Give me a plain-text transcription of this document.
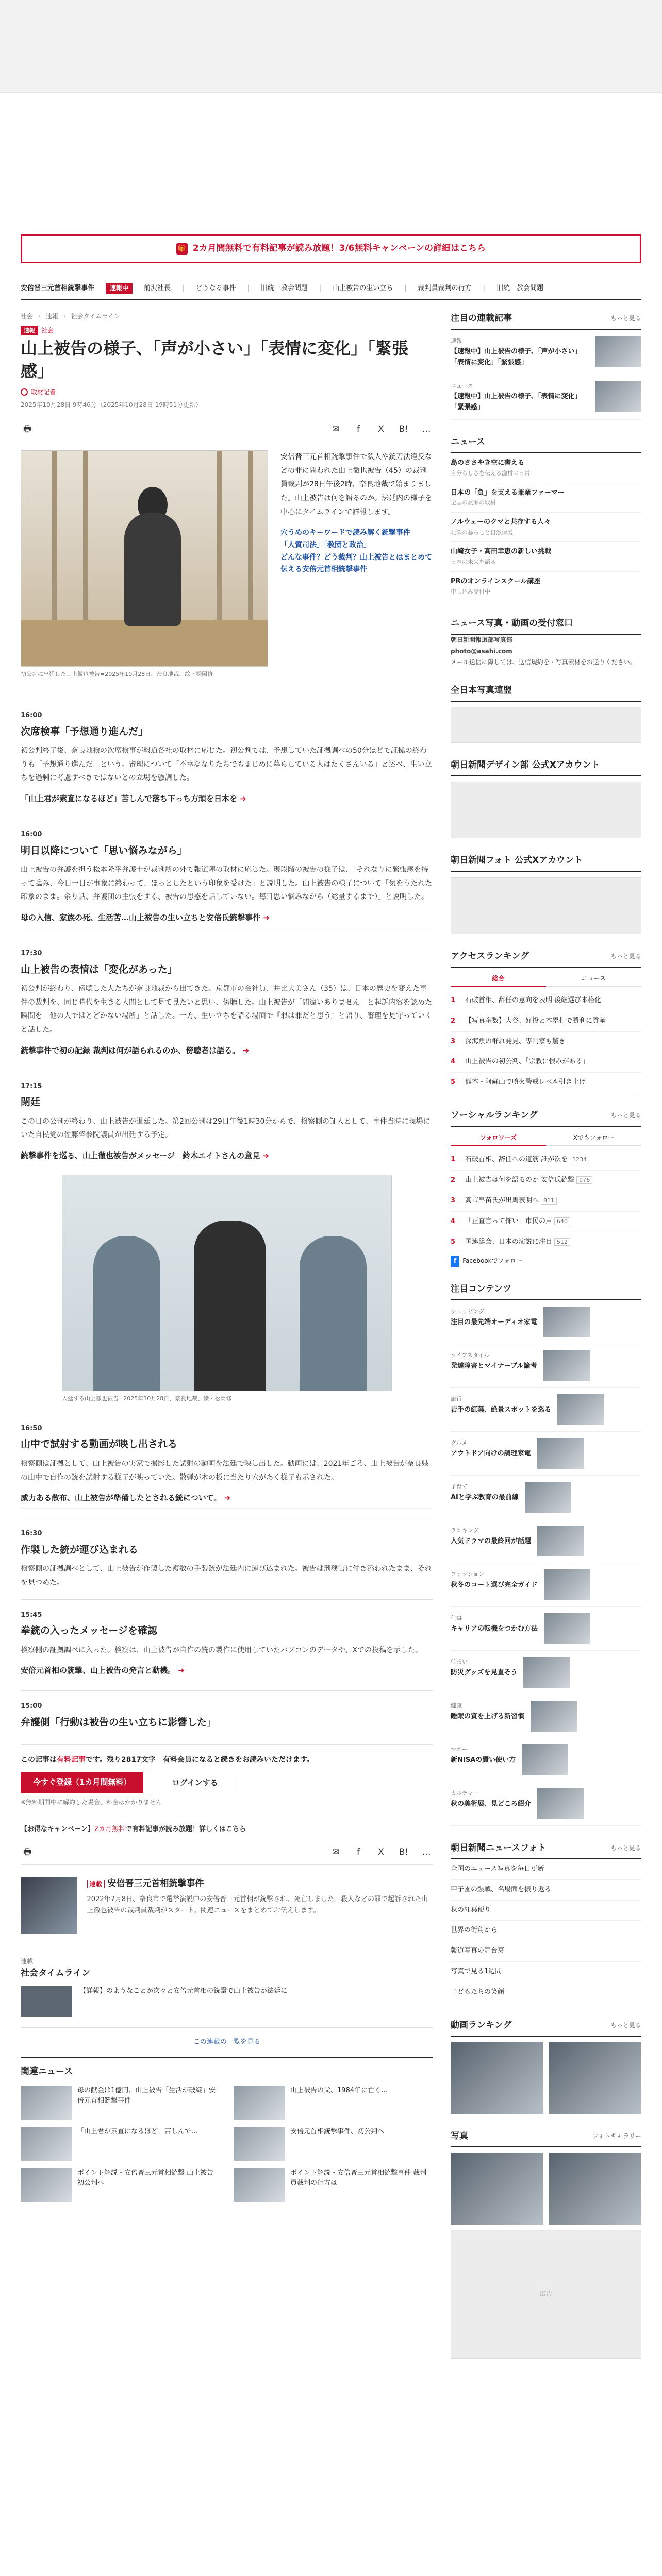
🎁 2カ月間無料で有料記事が読み放題！3/6無料キャンペーンの詳細はこちら
安倍晋三元首相銃撃事件	速報中	前沢社長 | どうなる事件 | 旧統一教会問題 | 山上被告の生い立ち | 裁判員裁判の行方 | 旧統一教会問題
社会 › 速報 › 社会タイムライン
速報	社会
山上被告の様子、「声が小さい」「表情に変化」「緊張感」
取材記者
2025年10月28日 9時46分（2025年10月28日 19時51分更新）
🖶	✉	f	X	B! …
初公判に出廷した山上徹也被告=2025年10月28日、奈良地裁、絵・松岡修

安倍晋三元首相銃撃事件で殺人や銃刀法違反などの罪に問われた山上徹也被告（45）の裁判員裁判が28日午後2時、奈良地裁で始まりました。山上被告は何を語るのか。法廷内の様子を中心にタイムラインで詳報します。

穴うめのキーワードで読み解く銃撃事件
「人質司法」「教団と政治」
どんな事件？どう裁判？山上被告とはまとめて伝える安倍元首相銃撃事件
16:00
次席検事「予想通り進んだ」

初公判終了後、奈良地検の次席検事が報道各社の取材に応じた。初公判では、予想していた証拠調べの50分ほどで証拠の終わりも「予想通り進んだ」という。審理について「不幸ななりたちでもまじめに暮らしている人はたくさんいる」と述べ、生い立ちを過剰に考慮すべきではないとの立場を強調した。

「山上君が素直になるほど」苦しんで落ち下っち方頑を日本を ➜
16:00
明日以降について「思い悩みながら」

山上被告の弁護を担う松本隆平弁護士が裁判所の外で報道陣の取材に応じた。現段階の被告の様子は、「それなりに緊張感を持って臨み、今日一日が事象に終わって、ほっとしたという印象を受けた」と説明した。山上被告の様子について「気をうたれた印象のまま。余り話、弁護団の主張をする、被告の思惑を話していない。毎日思い悩みながら（総量するまで）」と説明した。

母の入信、家族の死、生活苦…山上被告の生い立ちと安倍氏銃撃事件 ➜
17:30
山上被告の表情は「変化があった」

初公判が終わり、傍聴した人たちが奈良地裁から出てきた。京都市の会社員、井比大美さん（35）は、日本の歴史を変えた事件の裁判を、同じ時代を生きる人間として見て見たいと思い、傍聴した。山上被告が「間違いありません」と起訴内容を認めた瞬間を「他の人ではとどかない場所」と話した。一方、生い立ちを語る場面で『罪は罪だと思う』と語り、審理を見守っていくと話した。

銃撃事件で初の記録 裁判は何が語られるのか、傍聴者は語る。 ➜
17:15
閉廷

この日の公判が終わり、山上被告が退廷した。第2回公判は29日午後1時30分からで、検察側の証人として、事件当時に現場にいた自民党の佐藤啓参院議員が出廷する予定。

銃撃事件を巡る、山上徹也被告がメッセージ　鈴木エイトさんの意見 ➜
入廷する山上徹也被告=2025年10月28日、奈良地裁、絵・松岡修
16:50
山中で試射する動画が映し出される

検察側は証拠として、山上被告の実家で撮影した試射の動画を法廷で映し出した。動画には、2021年ごろ、山上被告が奈良県の山中で自作の銃を試射する様子が映っていた。散弾が木の板に当たり穴があく様子も示された。

威力ある散布、山上被告が準備したとされる銃について。 ➜
16:30
作製した銃が運び込まれる

検察側の証拠調べとして、山上被告が作製した複数の手製銃が法廷内に運び込まれた。被告は刑務官に付き添われたまま、それを見つめた。

15:45
拳銃の入ったメッセージを確認

検察側の証拠調べに入った。検察は、山上被告が自作の銃の製作に使用していたパソコンのデータや、Xでの投稿を示した。

安倍元首相の銃撃、山上被告の発言と動機。 ➜
15:00
弁護側「行動は被告の生い立ちに影響した」
この記事は有料記事です。残り2817文字　有料会員になると続きをお読みいただけます。
今すぐ登録（1カ月間無料）	ログインする
※無料期間中に解約した場合、料金はかかりません
【お得なキャンペーン】2カ月無料で有料記事が読み放題！詳しくはこちら
🖶	✉	f	X	B! …
連載 安倍晋三元首相銃撃事件

2022年7月8日、奈良市で選挙演説中の安倍晋三元首相が銃撃され、死亡しました。殺人などの罪で起訴された山上徹也被告の裁判員裁判がスタート。関連ニュースをまとめてお伝えします。

連載
社会タイムライン
【詳報】のようなことが次々と安倍元首相の銃撃で山上被告が法廷に
この連載の一覧を見る
関連ニュース
母の献金は1億円、山上被告「生活が破綻」安倍元首相銃撃事件
山上被告の父、1984年に亡く…
「山上君が素直になるほど」苦しんで…	安倍元首相銃撃事件、初公判へ
ポイント解説・安倍晋三元首相銃撃 山上被告初公判へ
ポイント解説・安倍晋三元首相銃撃事件 裁判員裁判の行方は
注目の連載記事	もっと見る
速報
【速報中】山上被告の様子、「声が小さい」「表情に変化」「緊張感」
ニュース
【速報中】山上被告の様子、「表情に変化」「緊張感」
ニュース
島のささやき空に書える
自分らしさを伝える漁村の日常
日本の「負」を支える兼業ファーマー
全国の農家の取材
ノルウェーのクマと共存する人々
北欧の暮らしと自然保護
山崎女子・高田幸恵の新しい挑戦
日本の未来を語る
PRのオンラインスクール講座
申し込み受付中
ニュース写真・動画の受付窓口
朝日新聞報道部写真部
photo@asahi.com
メール送信に際しては、送信規約を・写真素材をお送りください。
全日本写真連盟
朝日新聞デザイン部 公式Xアカウント
朝日新聞フォト 公式Xアカウント
アクセスランキング	もっと見る
総合	ニュース
1	石破首相、辞任の意向を表明 後継選び本格化
2	【写真多数】大谷、好投と本塁打で勝利に貢献
3	深海魚の群れ発見、専門家も驚き
4	山上被告の初公判、「宗教に恨みがある」
5	熊本・阿蘇山で噴火警戒レベル引き上げ
ソーシャルランキング	もっと見る
フォロワーズ	Xでもフォロー
1	石破首相、辞任への道筋 誰が次を 1234
2	山上被告は何を語るのか 安倍氏銃撃 976
3	高市早苗氏が出馬表明へ 811
4	「正直言って怖い」市民の声 640
5	国連総会、日本の演説に注目 512
f	Facebookでフォロー
注目コンテンツ
ショッピング
注目の最先端オーディオ家電
ライフスタイル
発達障害とマイナーブル論考
旅行
岩手の紅葉、絶景スポットを巡る
グルメ
アウトドア向けの調理家電
子育て
AIと学ぶ教育の最前線
ランキング
人気ドラマの最終回が話題
ファッション
秋冬のコート選び完全ガイド
仕事
キャリアの転機をつかむ方法
住まい
防災グッズを見直そう
健康
睡眠の質を上げる新習慣
マネー
新NISAの賢い使い方
カルチャー
秋の美術展、見どころ紹介
朝日新聞ニュースフォト	もっと見る
全国のニュース写真を毎日更新
甲子園の熱戦、名場面を振り返る
秋の紅葉便り
世界の街角から
報道写真の舞台裏
写真で見る1週間
子どもたちの笑顔
動画ランキング	もっと見る
写真	フォトギャラリー
広告
